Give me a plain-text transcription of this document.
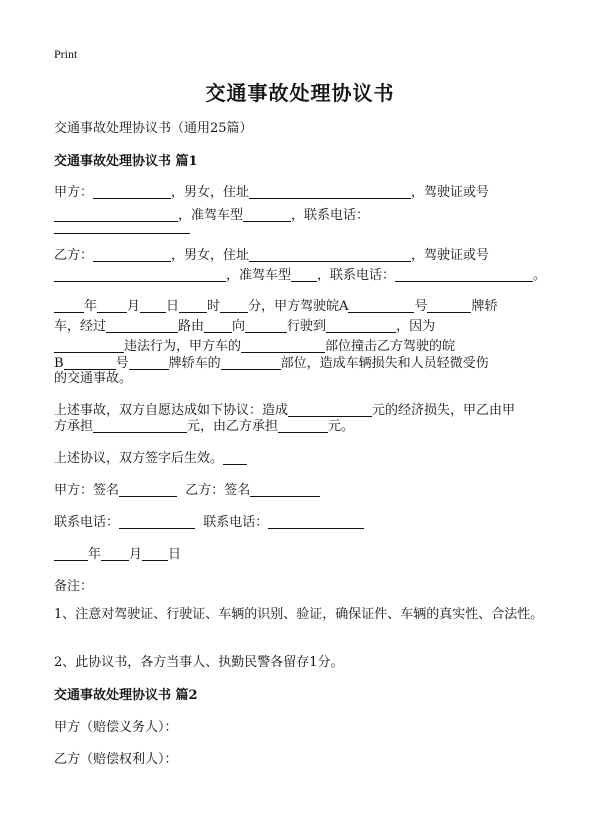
Print
交通事故处理协议书
交通事故处理协议书（通用25篇）
交通事故处理协议书 篇1
甲方：	，男女，住址	，驾驶证或号
，准驾车型	，联系电话：
乙方：	，男女，住址	，驾驶证或号
，准驾车型 ，联系电话：	。
年 月 日 时 分，甲方驾驶皖A	号	牌轿
车，经过	路由 向	行驶到	，因为
违法行为，甲方车的	部位撞击乙方驾驶的皖
B	号	牌轿车的	部位，造成车辆损失和人员轻微受伤
的交通事故。
上述事故，双方自愿达成如下协议：造成	元的经济损失，甲乙由甲
方承担	元，由乙方承担	元。
上述协议，双方签字后生效。
甲方：签名	乙方：签名
联系电话：	联系电话：
年 月 日
备注：
1、注意对驾驶证、行驶证、车辆的识别、验证，确保证件、车辆的真实性、合法性。
2、此协议书，各方当事人、执勤民警各留存1分。
交通事故处理协议书 篇2
甲方（赔偿义务人）：
乙方（赔偿权利人）：
